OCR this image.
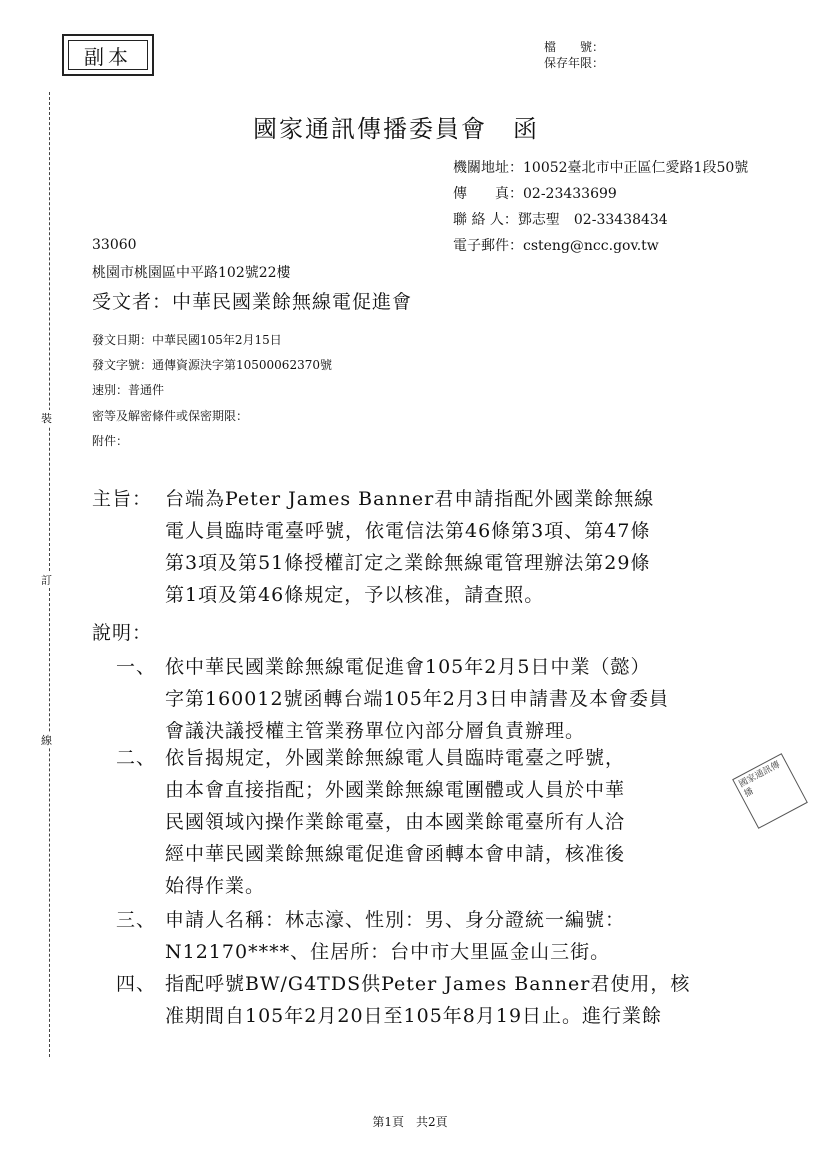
副本	檔　　號：
保存年限：
裝
訂
線
國家通訊傳播委員會　函
機關地址：10052臺北市中正區仁愛路1段50號
傳　　真：02-23433699
聯 絡 人：鄧志聖　02-33438434
電子郵件：csteng@ncc.gov.tw
33060
桃園市桃園區中平路102號22樓
受文者：中華民國業餘無線電促進會
發文日期：中華民國105年2月15日
發文字號：通傳資源決字第10500062370號
速別：普通件
密等及解密條件或保密期限：
附件：
主旨： 台端為Peter James Banner君申請指配外國業餘無線
電人員臨時電臺呼號，依電信法第46條第3項、第47條
第3項及第51條授權訂定之業餘無線電管理辦法第29條
第1項及第46條規定，予以核准，請查照。
說明：
一、 依中華民國業餘無線電促進會105年2月5日中業（懿）
字第160012號函轉台端105年2月3日申請書及本會委員
會議決議授權主管業務單位內部分層負責辦理。
二、 依旨揭規定，外國業餘無線電人員臨時電臺之呼號，
由本會直接指配；外國業餘無線電團體或人員於中華
民國領域內操作業餘電臺，由本國業餘電臺所有人洽
經中華民國業餘無線電促進會函轉本會申請，核准後
始得作業。
三、 申請人名稱：林志濠、性別：男、身分證統一編號：
N12170****、住居所：台中市大里區金山三街。
四、 指配呼號BW/G4TDS供Peter James Banner君使用，核
准期間自105年2月20日至105年8月19日止。進行業餘
國家通訊傳播
第1頁　共2頁
